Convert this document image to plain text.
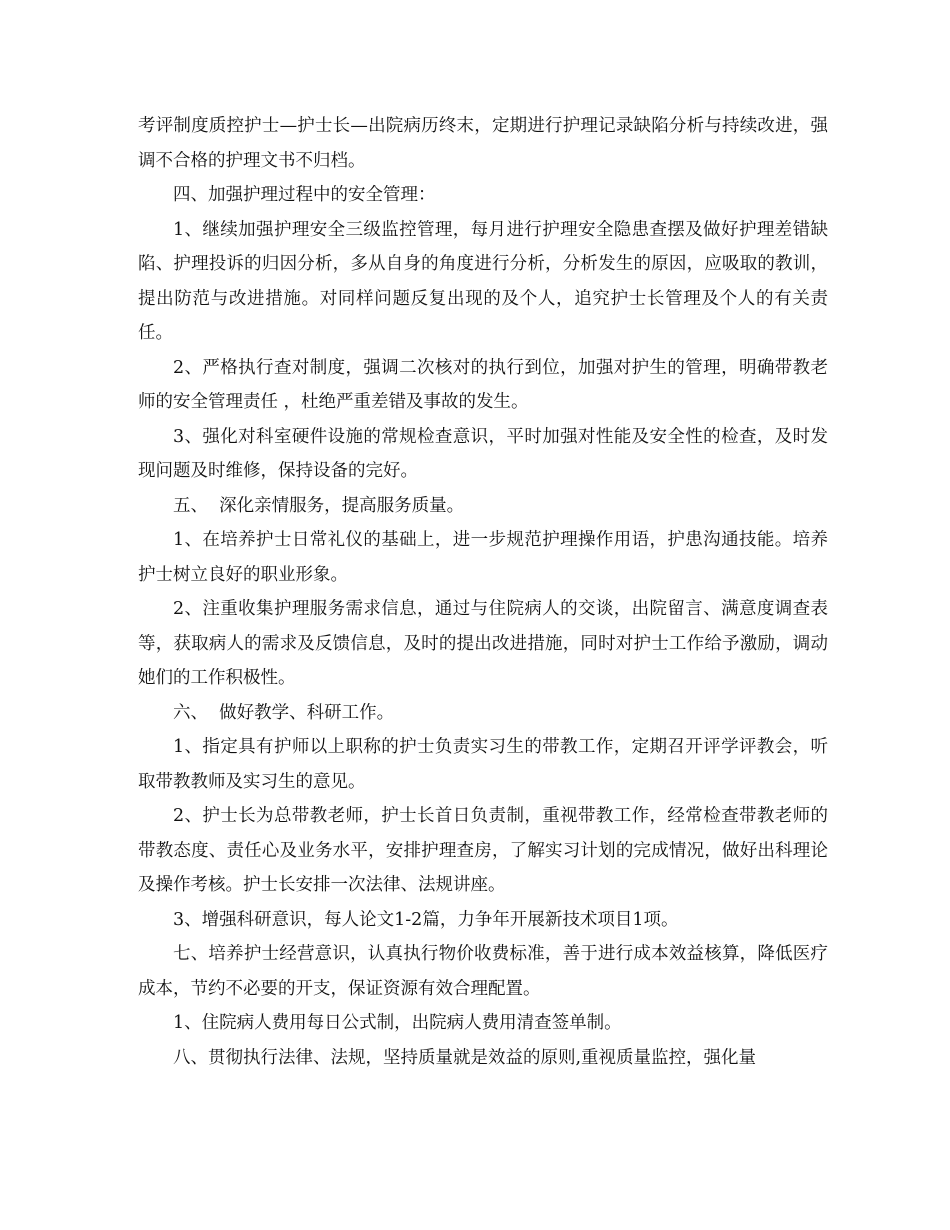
考评制度质控护士—护士长—出院病历终末，定期进行护理记录缺陷分析与持续改进，强调不合格的护理文书不归档。

四、加强护理过程中的安全管理：

1、继续加强护理安全三级监控管理，每月进行护理安全隐患查摆及做好护理差错缺陷、护理投诉的归因分析，多从自身的角度进行分析，分析发生的原因，应吸取的教训，提出防范与改进措施。对同样问题反复出现的及个人，追究护士长管理及个人的有关责任。

2、严格执行查对制度，强调二次核对的执行到位，加强对护生的管理，明确带教老师的安全管理责任 ，杜绝严重差错及事故的发生。

3、强化对科室硬件设施的常规检查意识，平时加强对性能及安全性的检查，及时发现问题及时维修，保持设备的完好。

五、  深化亲情服务，提高服务质量。

1、在培养护士日常礼仪的基础上，进一步规范护理操作用语，护患沟通技能。培养护士树立良好的职业形象。

2、注重收集护理服务需求信息，通过与住院病人的交谈，出院留言、满意度调查表等，获取病人的需求及反馈信息，及时的提出改进措施，同时对护士工作给予激励，调动她们的工作积极性。

六、  做好教学、科研工作。

1、指定具有护师以上职称的护士负责实习生的带教工作，定期召开评学评教会，听取带教教师及实习生的意见。

2、护士长为总带教老师，护士长首日负责制，重视带教工作，经常检查带教老师的带教态度、责任心及业务水平，安排护理查房，了解实习计划的完成情况，做好出科理论及操作考核。护士长安排一次法律、法规讲座。

3、增强科研意识，每人论文1-2篇，力争年开展新技术项目1项。

七、培养护士经营意识，认真执行物价收费标准，善于进行成本效益核算，降低医疗成本，节约不必要的开支，保证资源有效合理配置。

1、住院病人费用每日公式制，出院病人费用清查签单制。

八、贯彻执行法律、法规，坚持质量就是效益的原则,重视质量监控，强化量
